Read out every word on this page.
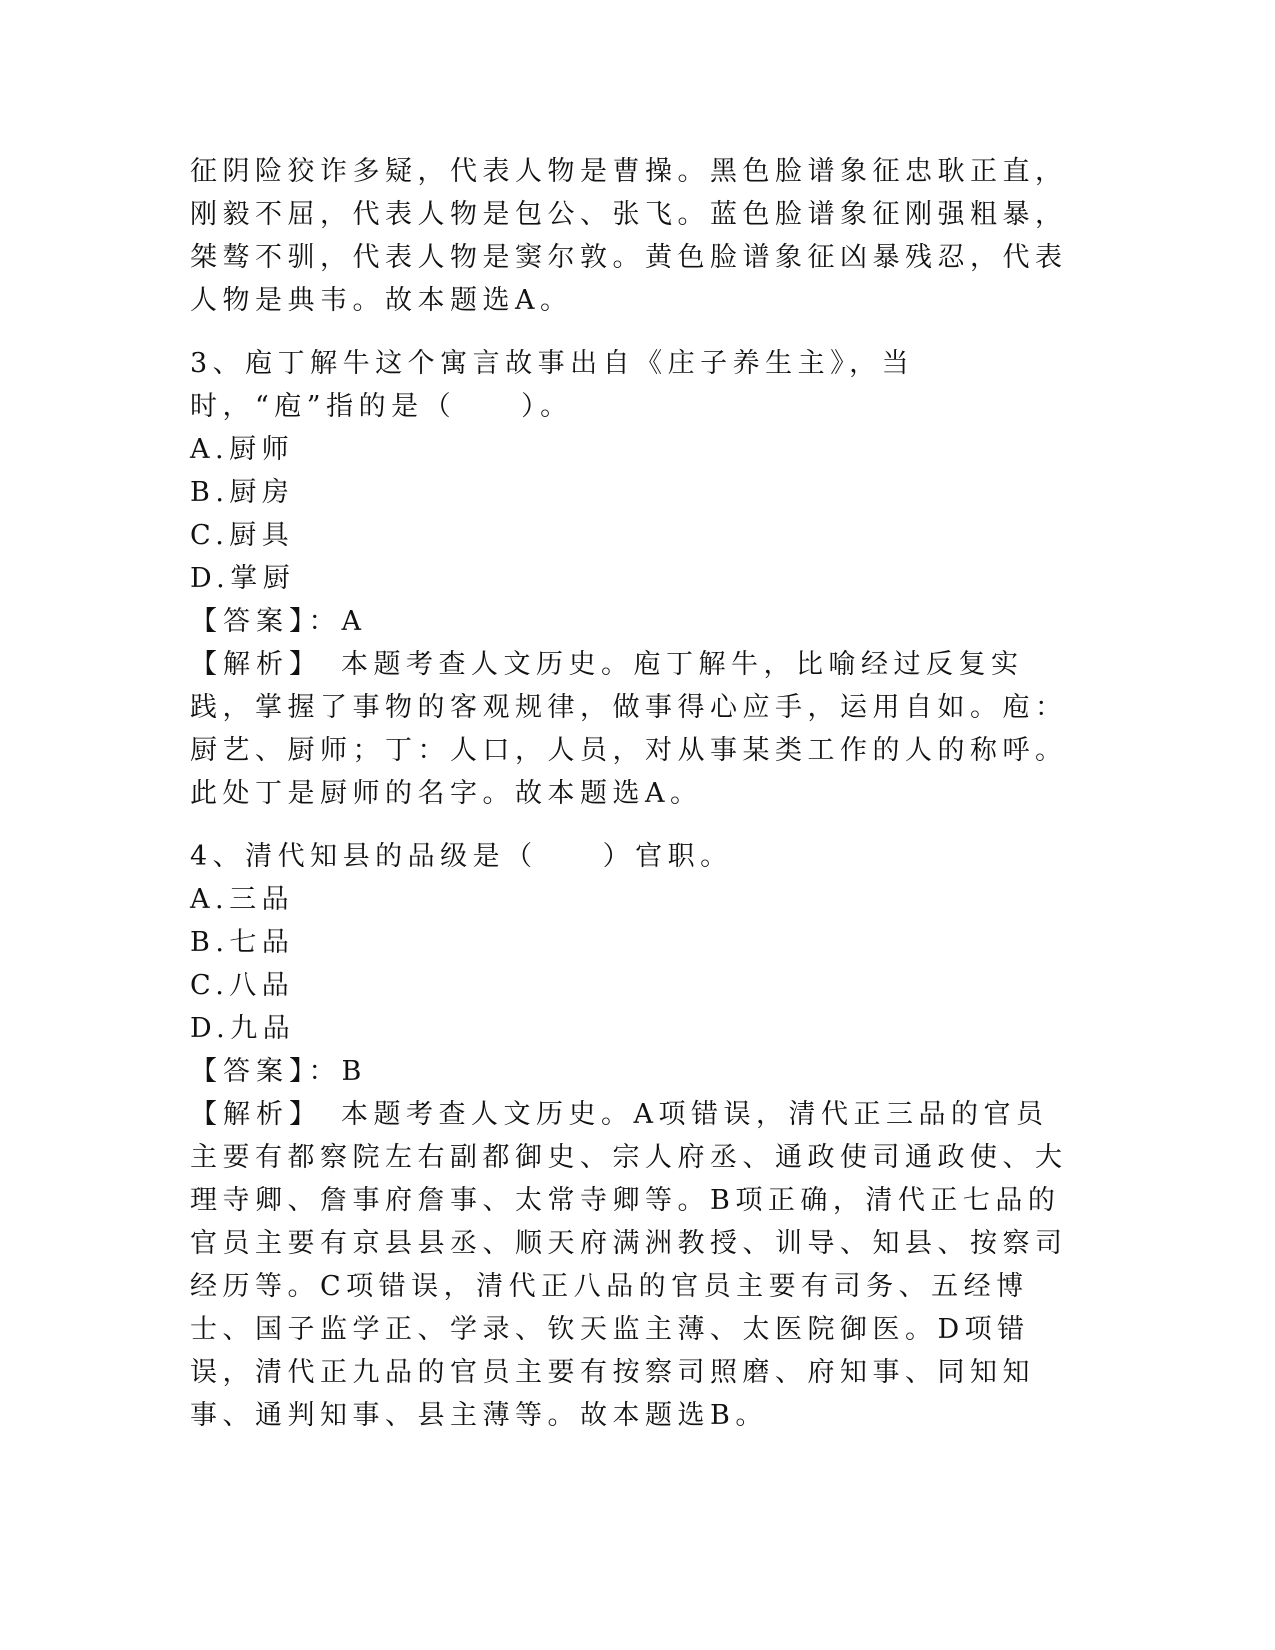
征阴险狡诈多疑，代表人物是曹操。黑色脸谱象征忠耿正直，刚毅不屈，代表人物是包公、张飞。蓝色脸谱象征刚强粗暴，桀骜不驯，代表人物是窦尔敦。黄色脸谱象征凶暴残忍，代表人物是典韦。故本题选A。

3、庖丁解牛这个寓言故事出自《庄子养生主》，当时，“庖”指的是（　　）。

A.厨师

B.厨房

C.厨具

D.掌厨

【答案】：A

【解析】　 本题考查人文历史。庖丁解牛，比喻经过反复实践，掌握了事物的客观规律，做事得心应手，运用自如。庖：厨艺、厨师；丁：人口，人员，对从事某类工作的人的称呼。此处丁是厨师的名字。故本题选A。

4、清代知县的品级是（　　）官职。

A.三品

B.七品

C.八品

D.九品

【答案】：B

【解析】　 本题考查人文历史。A项错误，清代正三品的官员主要有都察院左右副都御史、宗人府丞、通政使司通政使、大理寺卿、詹事府詹事、太常寺卿等。B项正确，清代正七品的官员主要有京县县丞、顺天府满洲教授、训导、知县、按察司经历等。C项错误，清代正八品的官员主要有司务、五经博士、国子监学正、学录、钦天监主薄、太医院御医。D项错误，清代正九品的官员主要有按察司照磨、府知事、同知知事、通判知事、县主薄等。故本题选B。
